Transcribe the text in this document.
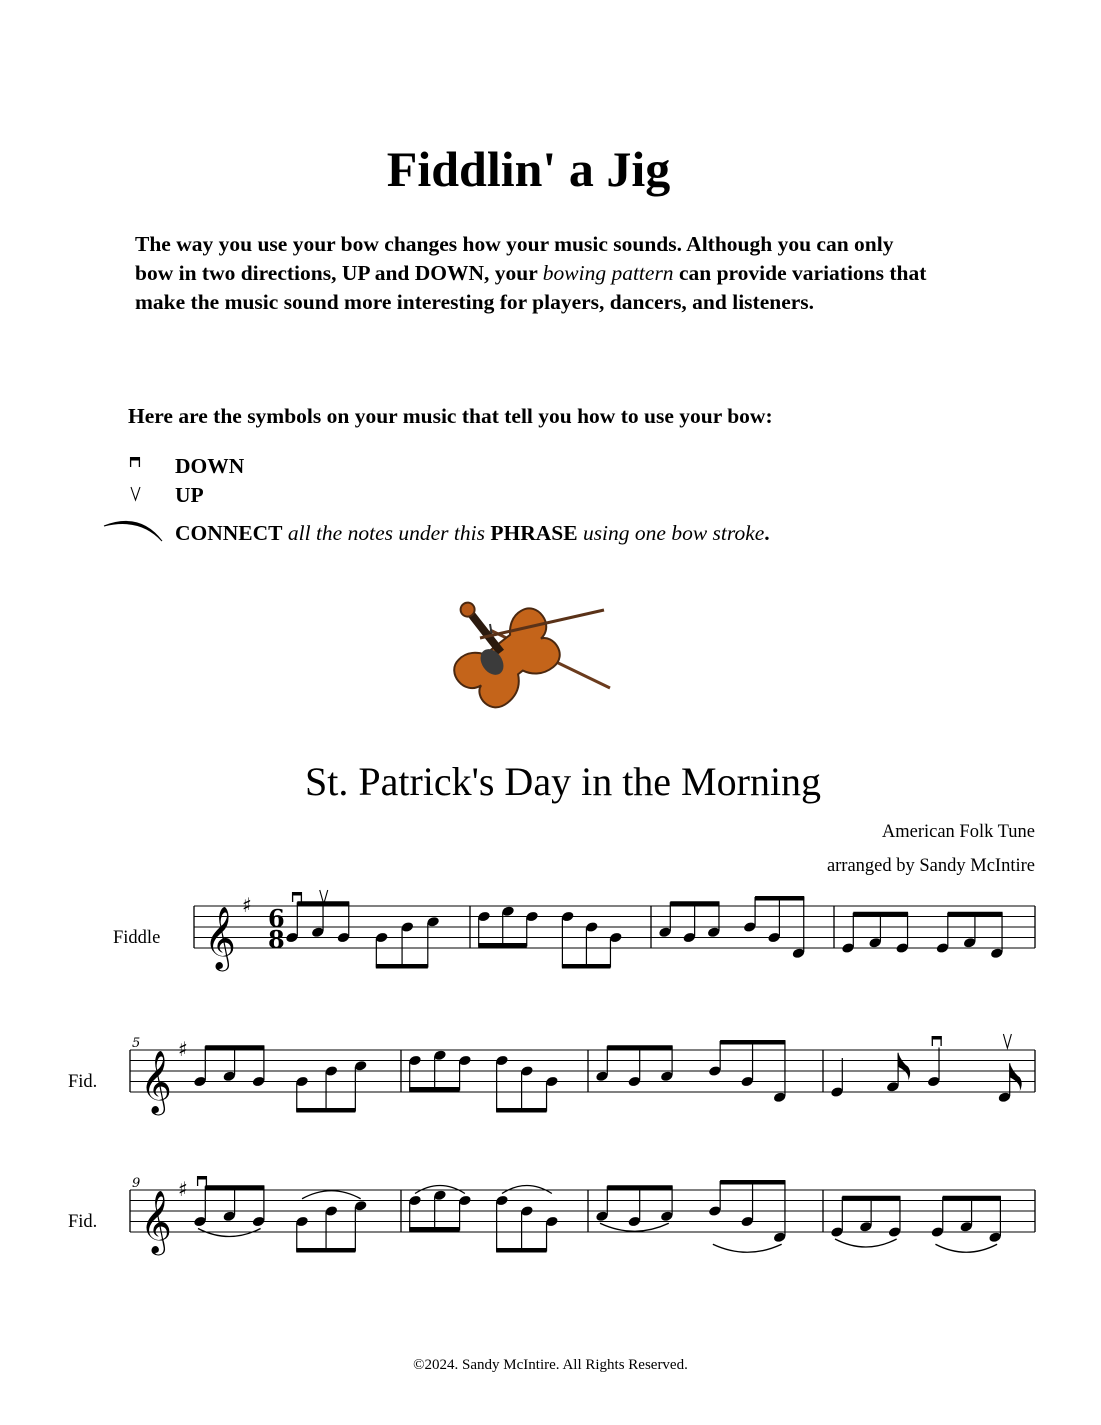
Fiddlin' a Jig
The way you use your bow changes how your music sounds. Although you can only bow in two directions, UP and DOWN, your bowing pattern can provide variations that make the music sound more interesting for players, dancers, and listeners.
Here are the symbols on your music that tell you how to use your bow:
DOWN
UP
CONNECT all the notes under this PHRASE using one bow stroke.
St. Patrick's Day in the Morning
American Folk Tune
arranged by Sandy McIntire
Fiddle
Fid.
Fid.
©2024. Sandy McIntire. All Rights Reserved.
𝄞
♯ 6
8
𝄞
♯
5
𝄞
♯
9
